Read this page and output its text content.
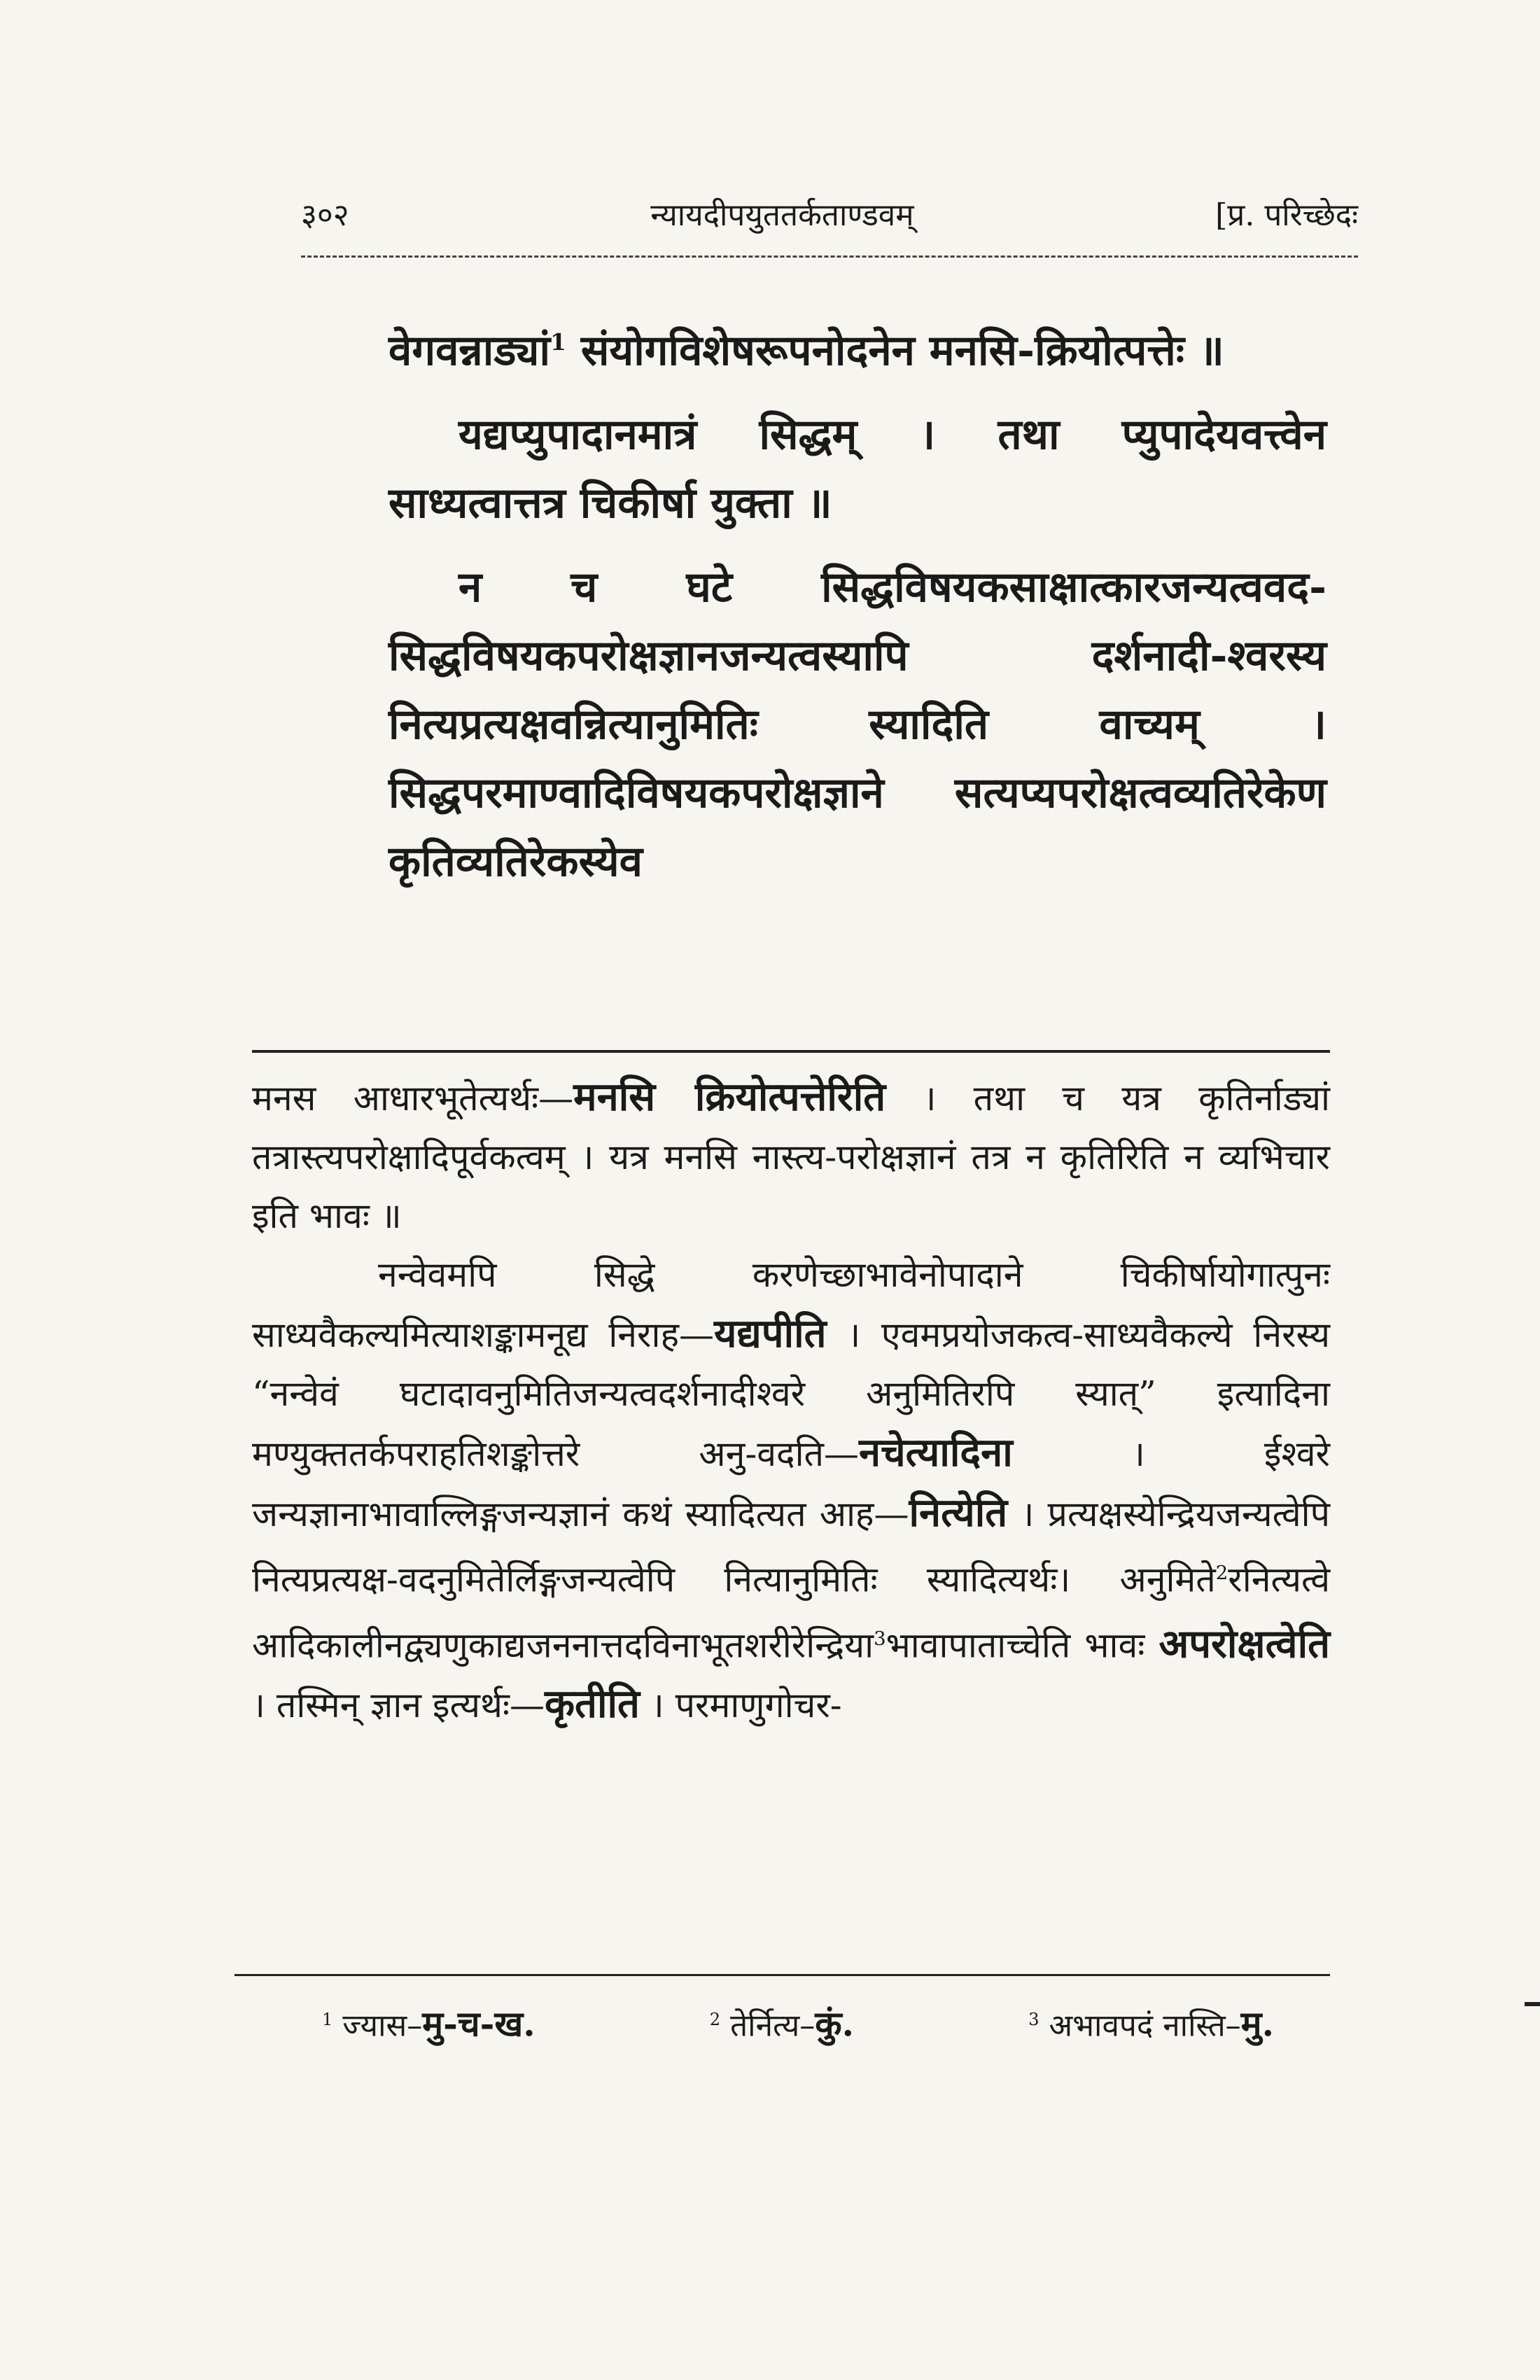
३०२	न्यायदीपयुततर्कताण्डवम्	[प्र. परिच्छेदः

वेगवन्नाड्यां$^1$ संयोगविशेषरूपनोदनेन मनसि-क्रियोत्पत्तेः ॥

यद्यप्युपादानमात्रं सिद्धम् । तथा प्युपादेयवत्त्वेन साध्यत्वात्तत्र चिकीर्षा युक्ता ॥

न च घटे सिद्धविषयकसाक्षात्कारजन्यत्ववद-सिद्धविषयकपरोक्षज्ञानजन्यत्वस्यापि दर्शनादी-श्वरस्य नित्यप्रत्यक्षवन्नित्यानुमितिः स्यादिति वाच्यम् । सिद्धपरमाण्वादिविषयकपरोक्षज्ञाने सत्यप्यपरोक्षत्वव्यतिरेकेण कृतिव्यतिरेकस्येव

मनस आधारभूतेत्यर्थः—मनसि क्रियोत्पत्तेरिति । तथा च यत्र कृतिर्नाड्यां तत्रास्त्यपरोक्षादिपूर्वकत्वम् । यत्र मनसि नास्त्य-परोक्षज्ञानं तत्र न कृतिरिति न व्यभिचार इति भावः ॥

नन्वेवमपि सिद्धे करणेच्छाभावेनोपादाने चिकीर्षायोगात्पुनः साध्यवैकल्यमित्याशङ्कामनूद्य निराह—यद्यपीति । एवमप्रयोजकत्व-साध्यवैकल्ये निरस्य “नन्वेवं घटादावनुमितिजन्यत्वदर्शनादीश्वरे अनुमितिरपि स्यात्” इत्यादिना मण्युक्ततर्कपराहतिशङ्कोत्तरे अनु-वदति—नचेत्यादिना	। ईश्वरे जन्यज्ञानाभावाल्लिङ्गजन्यज्ञानं कथं स्यादित्यत आह—नित्येति । प्रत्यक्षस्येन्द्रियजन्यत्वेपि नित्यप्रत्यक्ष-वदनुमितेर्लिङ्गजन्यत्वेपि नित्यानुमितिः स्यादित्यर्थः। अनुमिते$^2$रनित्यत्वे आदिकालीनद्व्यणुकाद्यजननात्तदविनाभूतशरीरेन्द्रिया$^3$भावापाताच्चेति भावः अपरोक्षत्वेति । तस्मिन् ज्ञान इत्यर्थः—कृतीति । परमाणुगोचर-

$^1$ ज्यास–मु-च-ख.	$^2$ तेर्नित्य–कुं.	$^3$ अभावपदं नास्ति–मु.
